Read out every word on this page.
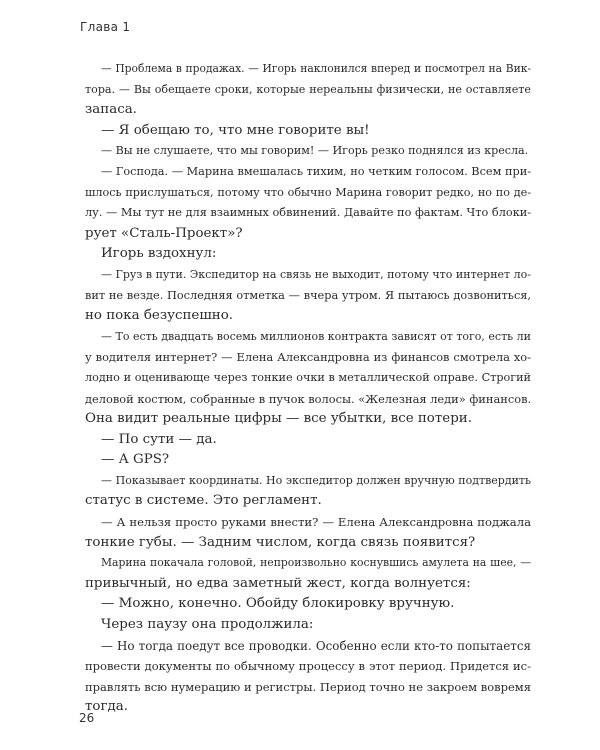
Глава 1
— Проблема в продажах. — Игорь наклонился вперед и посмотрел на Вик-
тора. — Вы обещаете сроки, которые нереальны физически, не оставляете
запаса.
— Я обещаю то, что мне говорите вы!
— Вы не слушаете, что мы говорим! — Игорь резко поднялся из кресла.
— Господа. — Марина вмешалась тихим, но четким голосом. Всем при-
шлось прислушаться, потому что обычно Марина говорит редко, но по де-
лу. — Мы тут не для взаимных обвинений. Давайте по фактам. Что блоки-
рует «Сталь-Проект»?
Игорь вздохнул:
— Груз в пути. Экспедитор на связь не выходит, потому что интернет ло-
вит не везде. Последняя отметка — вчера утром. Я пытаюсь дозвониться,
но пока безуспешно.
— То есть двадцать восемь миллионов контракта зависят от того, есть ли
у водителя интернет? — Елена Александровна из финансов смотрела хо-
лодно и оценивающе через тонкие очки в металлической оправе. Строгий
деловой костюм, собранные в пучок волосы. «Железная леди» финансов.
Она видит реальные цифры — все убытки, все потери.
— По сути — да.
— А GPS?
— Показывает координаты. Но экспедитор должен вручную подтвердить
статус в системе. Это регламент.
— А нельзя просто руками внести? — Елена Александровна поджала
тонкие губы. — Задним числом, когда связь появится?
Марина покачала головой, непроизвольно коснувшись амулета на шее, —
привычный, но едва заметный жест, когда волнуется:
— Можно, конечно. Обойду блокировку вручную.
Через паузу она продолжила:
— Но тогда поедут все проводки. Особенно если кто-то попытается
провести документы по обычному процессу в этот период. Придется ис-
правлять всю нумерацию и регистры. Период точно не закроем вовремя
тогда.
26
